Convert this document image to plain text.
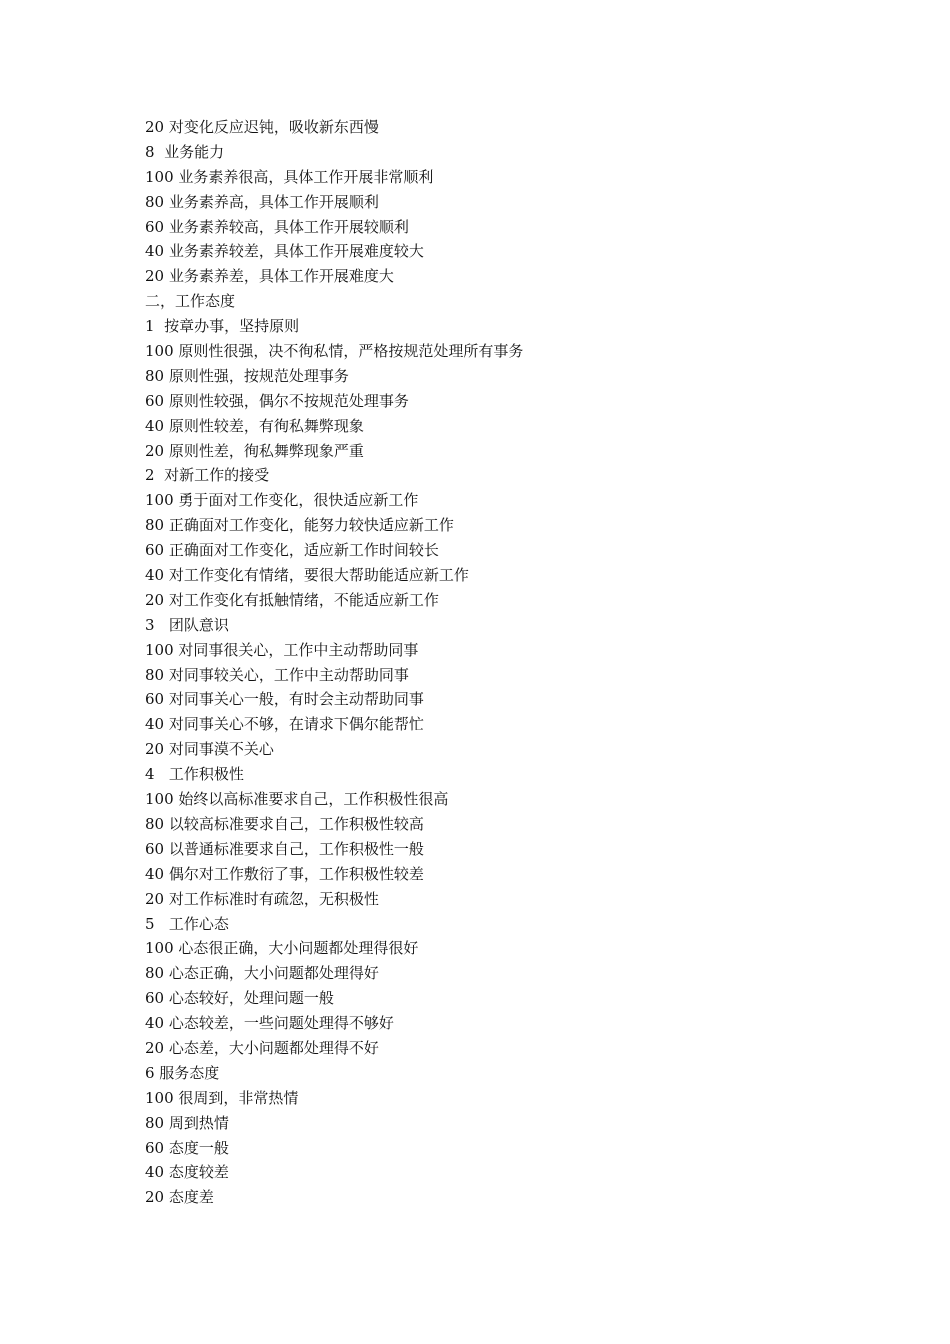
20 对变化反应迟钝，吸收新东西慢
8  业务能力
100 业务素养很高，具体工作开展非常顺利
80 业务素养高，具体工作开展顺利
60 业务素养较高，具体工作开展较顺利
40 业务素养较差，具体工作开展难度较大
20 业务素养差，具体工作开展难度大
二，工作态度
1  按章办事，坚持原则
100 原则性很强，决不徇私情，严格按规范处理所有事务
80 原则性强，按规范处理事务
60 原则性较强，偶尔不按规范处理事务
40 原则性较差，有徇私舞弊现象
20 原则性差，徇私舞弊现象严重
2  对新工作的接受
100 勇于面对工作变化，很快适应新工作
80 正确面对工作变化，能努力较快适应新工作
60 正确面对工作变化，适应新工作时间较长
40 对工作变化有情绪，要很大帮助能适应新工作
20 对工作变化有抵触情绪，不能适应新工作
3   团队意识
100 对同事很关心，工作中主动帮助同事
80 对同事较关心，工作中主动帮助同事
60 对同事关心一般，有时会主动帮助同事
40 对同事关心不够，在请求下偶尔能帮忙
20 对同事漠不关心
4   工作积极性
100 始终以高标准要求自己，工作积极性很高
80 以较高标准要求自己，工作积极性较高
60 以普通标准要求自己，工作积极性一般
40 偶尔对工作敷衍了事，工作积极性较差
20 对工作标准时有疏忽，无积极性
5   工作心态
100 心态很正确，大小问题都处理得很好
80 心态正确，大小问题都处理得好
60 心态较好，处理问题一般
40 心态较差，一些问题处理得不够好
20 心态差，大小问题都处理得不好
6 服务态度
100 很周到，非常热情
80 周到热情
60 态度一般
40 态度较差
20 态度差
